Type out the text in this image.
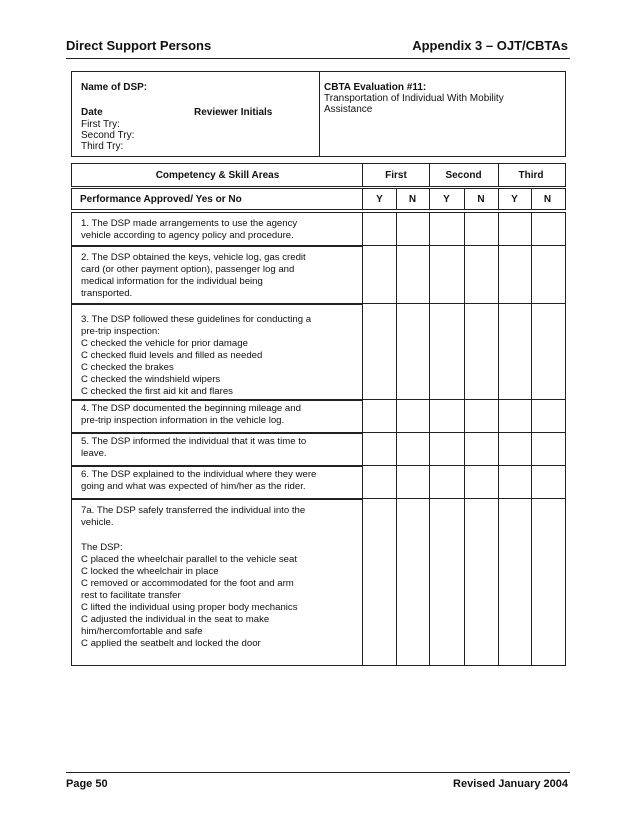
Direct Support Persons	Appendix 3 – OJT/CBTAs
Name of DSP:
Date	Reviewer Initials
First Try:
Second Try:
Third Try:
CBTA Evaluation #11:
Transportation of Individual With Mobility
Assistance
Competency & Skill Areas	First	Second	Third
Performance Approved/ Yes or No	Y	N	Y	N	Y	N
1. The DSP made arrangements to use the agency
vehicle according to agency policy and procedure.
2. The DSP obtained the keys, vehicle log, gas credit
card (or other payment option), passenger log and
medical information for the individual being
transported.
3. The DSP followed these guidelines for conducting a
pre-trip inspection:
C checked the vehicle for prior damage
C checked fluid levels and filled as needed
C checked the brakes
C checked the windshield wipers
C checked the first aid kit and flares
4. The DSP documented the beginning mileage and
pre-trip inspection information in the vehicle log.
5. The DSP informed the individual that it was time to
leave.
6. The DSP explained to the individual where they were
going and what was expected of him/her as the rider.
7a. The DSP safely transferred the individual into the
vehicle.
The DSP:
C placed the wheelchair parallel to the vehicle seat
C locked the wheelchair in place
C removed or accommodated for the foot and arm
rest to facilitate transfer
C lifted the individual using proper body mechanics
C adjusted the individual in the seat to make
him/hercomfortable and safe
C applied the seatbelt and locked the door
Page 50	Revised January 2004
